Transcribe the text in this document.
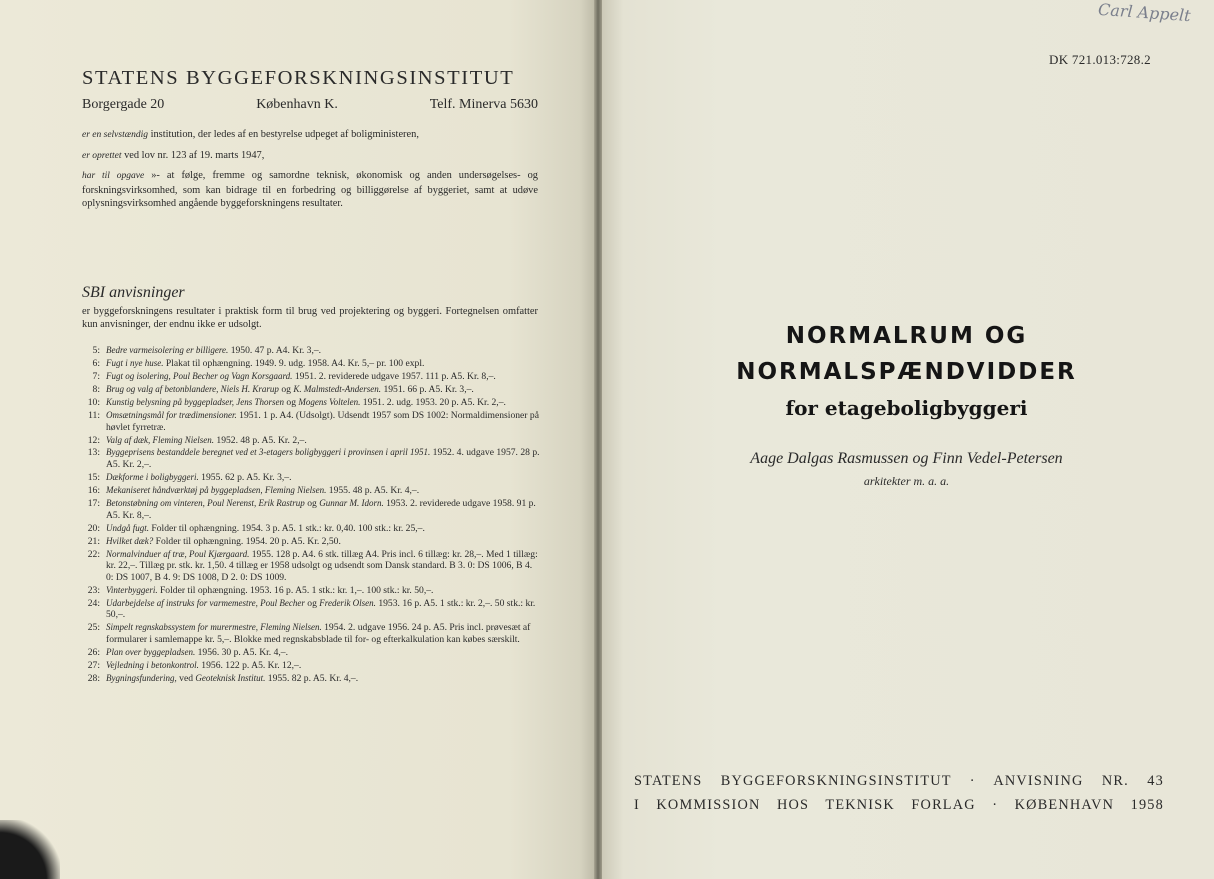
STATENS BYGGEFORSKNINGSINSTITUT
Borgergade 20	København K.	Telf. Minerva 5630

er en selvstændig institution, der ledes af en bestyrelse udpeget af boligministeren,

er oprettet ved lov nr. 123 af 19. marts 1947,

har til opgave »- at følge, fremme og samordne teknisk, økonomisk og anden undersøgelses- og forskningsvirksomhed, som kan bidrage til en forbedring og billiggørelse af byggeriet, samt at udøve oplysningsvirksomhed angående byggeforskningens resultater.

SBI anvisninger
er byggeforskningens resultater i praktisk form til brug ved projektering og byggeri. Fortegnelsen omfatter kun anvisninger, der endnu ikke er udsolgt.
5: Bedre varmeisolering er billigere. 1950. 47 p. A4. Kr. 3,–.
6: Fugt i nye huse. Plakat til ophængning. 1949. 9. udg. 1958. A4. Kr. 5,– pr. 100 expl.
7: Fugt og isolering, Poul Becher og Vagn Korsgaard. 1951. 2. reviderede udgave 1957. 111 p. A5. Kr. 8,–.
8: Brug og valg af betonblandere, Niels H. Krarup og K. Malmstedt-Andersen. 1951. 66 p. A5. Kr. 3,–.
10: Kunstig belysning på byggepladser, Jens Thorsen og Mogens Voltelen. 1951. 2. udg. 1953. 20 p. A5. Kr. 2,–.
11: Omsætningsmål for trædimensioner. 1951. 1 p. A4. (Udsolgt). Udsendt 1957 som DS 1002: Normaldimensioner på høvlet fyrretræ.
12: Valg af dæk, Fleming Nielsen. 1952. 48 p. A5. Kr. 2,–.
13: Byggeprisens bestanddele beregnet ved et 3-etagers boligbyggeri i provinsen i april 1951. 1952. 4. udgave 1957. 28 p. A5. Kr. 2,–.
15: Dækforme i boligbyggeri. 1955. 62 p. A5. Kr. 3,–.
16: Mekaniseret håndværktøj på byggepladsen, Fleming Nielsen. 1955. 48 p. A5. Kr. 4,–.
17: Betonstøbning om vinteren, Poul Nerenst, Erik Rastrup og Gunnar M. Idorn. 1953. 2. reviderede udgave 1958. 91 p. A5. Kr. 8,–.
20: Undgå fugt. Folder til ophængning. 1954. 3 p. A5. 1 stk.: kr. 0,40. 100 stk.: kr. 25,–.
21: Hvilket dæk? Folder til ophængning. 1954. 20 p. A5. Kr. 2,50.
22: Normalvinduer af træ, Poul Kjærgaard. 1955. 128 p. A4. 6 stk. tillæg A4. Pris incl. 6 tillæg: kr. 28,–. Med 1 tillæg: kr. 22,–. Tillæg pr. stk. kr. 1,50. 4 tillæg er 1958 udsolgt og udsendt som Dansk standard. B 3. 0: DS 1006, B 4. 0: DS 1007, B 4. 9: DS 1008, D 2. 0: DS 1009.
23: Vinterbyggeri. Folder til ophængning. 1953. 16 p. A5. 1 stk.: kr. 1,–. 100 stk.: kr. 50,–.
24: Udarbejdelse af instruks for varmemestre, Poul Becher og Frederik Olsen. 1953. 16 p. A5. 1 stk.: kr. 2,–. 50 stk.: kr. 50,–.
25: Simpelt regnskabssystem for murermestre, Fleming Nielsen. 1954. 2. udgave 1956. 24 p. A5. Pris incl. prøvesæt af formularer i samlemappe kr. 5,–. Blokke med regnskabsblade til for- og efterkalkulation kan købes særskilt.
26: Plan over byggepladsen. 1956. 30 p. A5. Kr. 4,–.
27: Vejledning i betonkontrol. 1956. 122 p. A5. Kr. 12,–.
28: Bygningsfundering, ved Geoteknisk Institut. 1955. 82 p. A5. Kr. 4,–.
Carl Appelt
DK 721.013:728.2
NORMALRUM OG
NORMALSPÆNDVIDDER
for etageboligbyggeri
Aage Dalgas Rasmussen og Finn Vedel-Petersen
arkitekter m. a. a.
STATENS BYGGEFORSKNINGSINSTITUT · ANVISNING NR. 43
I KOMMISSION HOS TEKNISK FORLAG · KØBENHAVN 1958
